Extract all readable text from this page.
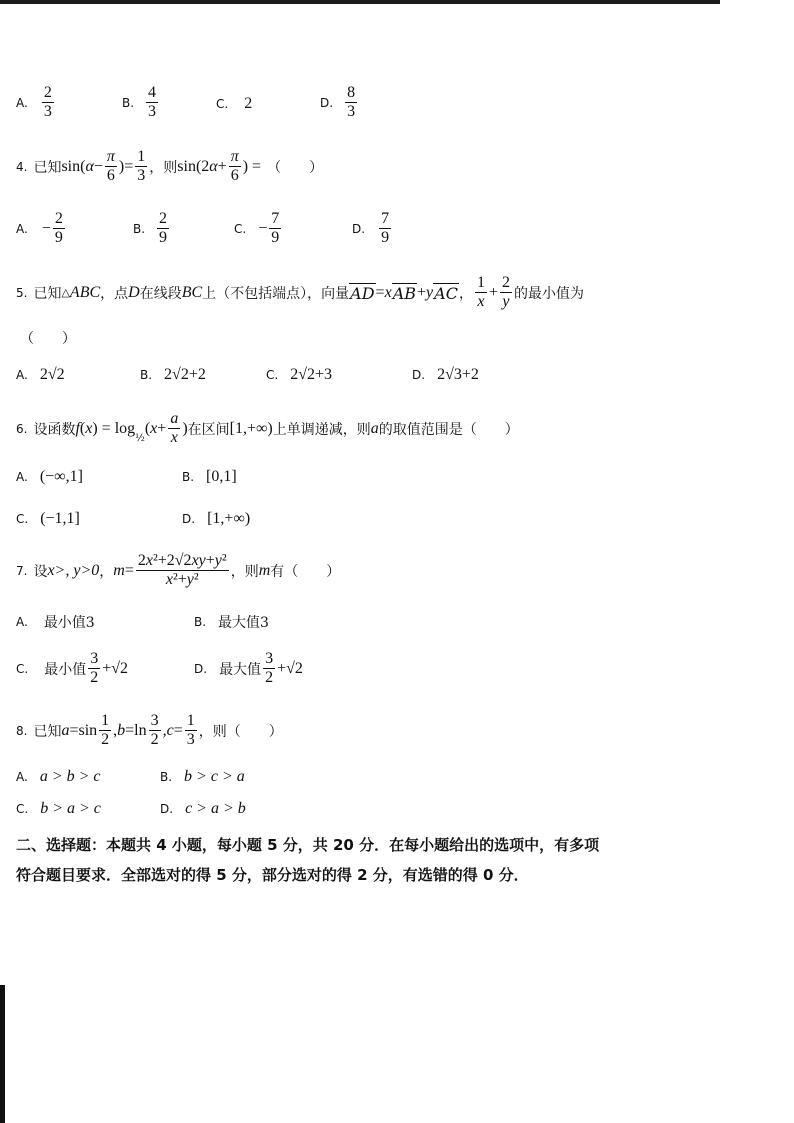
A. $\frac{2}{3}$	B. $\frac{4}{3}$	C. 2	D. $\frac{8}{3}$
4. 已知 sin( $\alpha - \frac{\pi}{6}$ )= $\frac{1}{3}$ ，则 sin(2 $\alpha + \frac{\pi}{6}$ ) = （　　）
A. − $\frac{2}{9}$	B. $\frac{2}{9}$	C. − $\frac{7}{9}$	D. $\frac{7}{9}$
5. 已知 △ ABC ，点 D 在线段 BC 上（不包括端点），向量 AD = x AB + y AC ， $\frac{1}{x} + \frac{2}{y}$ 的最小值为
（　　）
A. 2√2	B. 2√2+2	C. 2√2+3	D. 2√3+2
6. 设函数 f ( x ) = log
½
( $x + \frac{a}{x}$ ) 在区间 [1,+∞) 上单调递减，则 a 的取值范围是（　　）
A. (−∞,1]	B. [0,1]
C. (−1,1]	D. [1,+∞)
7. 设 x>, y>0 ， $m = \frac{\text{2x²+2√2xy+y²}}{\text{x²+y²}}$ ，则 m 有（　　）
A. 最小值3	B. 最大值3
C. 最小值 $\frac{3}{2} +√2$	D. 最大值 $\frac{3}{2} +√2$
8. 已知 $a =\sin \frac{1}{2}$ , $b =\ln \frac{3}{2}$ , $c = \frac{1}{3}$ ，则（　　）
A. a > b > c	B. b > c > a
C. b > a > c	D. c > a > b
二、选择题：本题共 4 小题，每小题 5 分，共 20 分．在每小题给出的选项中，有多项
符合题目要求．全部选对的得 5 分，部分选对的得 2 分，有选错的得 0 分．
